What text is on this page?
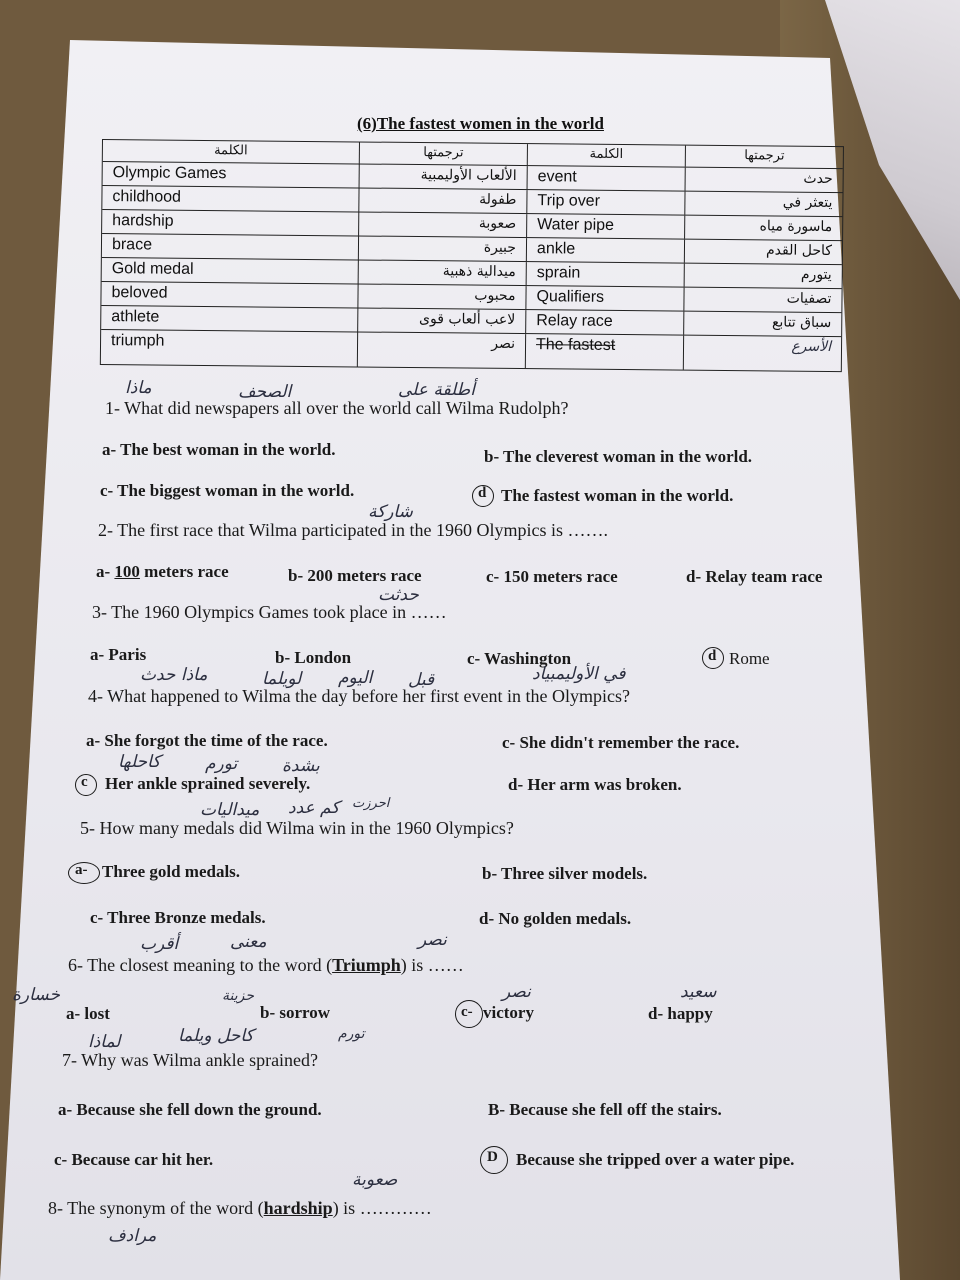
(6)The fastest women in the world
الكلمة	ترجمتها	الكلمة	ترجمتها
Olympic Games	الألعاب الأوليمبية	event	حدث
childhood	طفولة	Trip over	يتعثر في
hardship	صعوبة	Water pipe	ماسورة مياه
brace	جبيرة	ankle	كاحل القدم
Gold medal	ميدالية ذهبية	sprain	يتورم
beloved	محبوب	Qualifiers	تصفيات
athlete	لاعب ألعاب قوى	Relay race	سباق تتابع
triumph	نصر	The fastest	الأسرع
ماذا	الصحف	أطلقة على
1- What did newspapers all over the world call Wilma Rudolph?
a- The best woman in the world.	b- The cleverest woman in the world.
c- The biggest woman in the world.	d The fastest woman in the world.
شاركة
2- The first race that Wilma participated in the 1960 Olympics is …….
a- 100 meters race	b- 200 meters race	c- 150 meters race	d- Relay team race
حدثت
3- The 1960 Olympics Games took place in ……
a- Paris	b- London	c- Washington	d Rome
ماذا حدث	لويلما اليوم قبل	في الأوليمبياد
4- What happened to Wilma the day before her first event in the Olympics?
a- She forgot the time of the race.	c- She didn't remember the race.
كاحلها	تورم	بشدة
c Her ankle sprained severely.	d- Her arm was broken.
كم عدد
ميداليات	احرزت
5- How many medals did Wilma win in the 1960 Olympics?
a- Three gold medals.	b- Three silver models.
c- Three Bronze medals.	d- No golden medals.
أقرب	معنى	نصر
6- The closest meaning to the word (Triumph) is ……
خسارة	حزينة	نصر	سعيد
a- lost	b- sorrow	c- victory	d- happy
لماذا	كاحل ويلما	تورم
7- Why was Wilma ankle sprained?
a- Because she fell down the ground.	B- Because she fell off the stairs.
c- Because car hit her.	D Because she tripped over a water pipe.
صعوبة
8- The synonym of the word (hardship) is …………
مرادف
